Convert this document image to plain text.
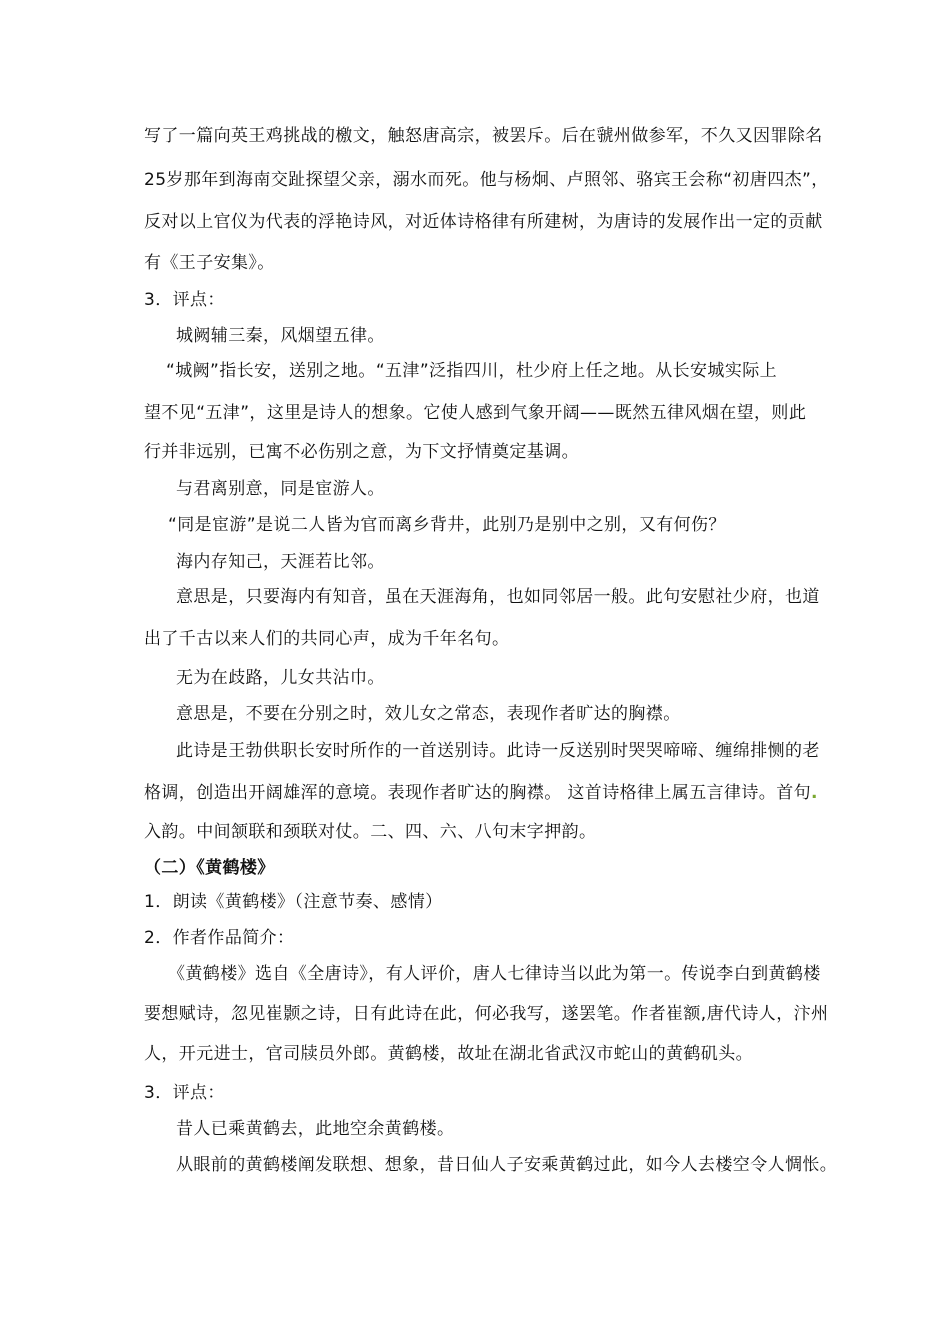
写了一篇向英王鸡挑战的檄文，触怒唐高宗，被罢斥。后在虢州做参军，不久又因罪除名
25岁那年到海南交趾探望父亲，溺水而死。他与杨炯、卢照邻、骆宾王会称“初唐四杰”，
反对以上官仪为代表的浮艳诗风，对近体诗格律有所建树，为唐诗的发展作出一定的贡献
有《王子安集》。
3．评点：
城阙辅三秦，风烟望五律。
“城阙”指长安，送别之地。“五津”泛指四川，杜少府上任之地。从长安城实际上
望不见“五津”，这里是诗人的想象。它使人感到气象开阔——既然五律风烟在望，则此
行并非远别，已寓不必伤别之意，为下文抒情奠定基调。
与君离别意，同是宦游人。
“同是宦游”是说二人皆为官而离乡背井，此别乃是别中之别，又有何伤？
海内存知己，天涯若比邻。
意思是，只要海内有知音，虽在天涯海角，也如同邻居一般。此句安慰社少府，也道
出了千古以来人们的共同心声，成为千年名句。
无为在歧路，儿女共沾巾。
意思是，不要在分别之时，效儿女之常态，表现作者旷达的胸襟。
此诗是王勃供职长安时所作的一首送别诗。此诗一反送别时哭哭啼啼、缠绵排恻的老
格调，创造出开阔雄浑的意境。表现作者旷达的胸襟。 这首诗格律上属五言律诗。首句.
入韵。中间颔联和颈联对仗。二、四、六、八句末字押韵。
（二）《黄鹤楼》
1．朗读《黄鹤楼》（注意节奏、感情）
2．作者作品简介：
《黄鹤楼》选自《全唐诗》，有人评价，唐人七律诗当以此为第一。传说李白到黄鹤楼
要想赋诗，忽见崔颢之诗，日有此诗在此，何必我写，遂罢笔。作者崔额,唐代诗人，汴州
人，开元进士，官司牍员外郎。黄鹤楼，故址在湖北省武汉市蛇山的黄鹤矶头。
3．评点：
昔人已乘黄鹤去，此地空余黄鹤楼。
从眼前的黄鹤楼阐发联想、想象，昔日仙人子安乘黄鹤过此，如今人去楼空令人惆怅。
